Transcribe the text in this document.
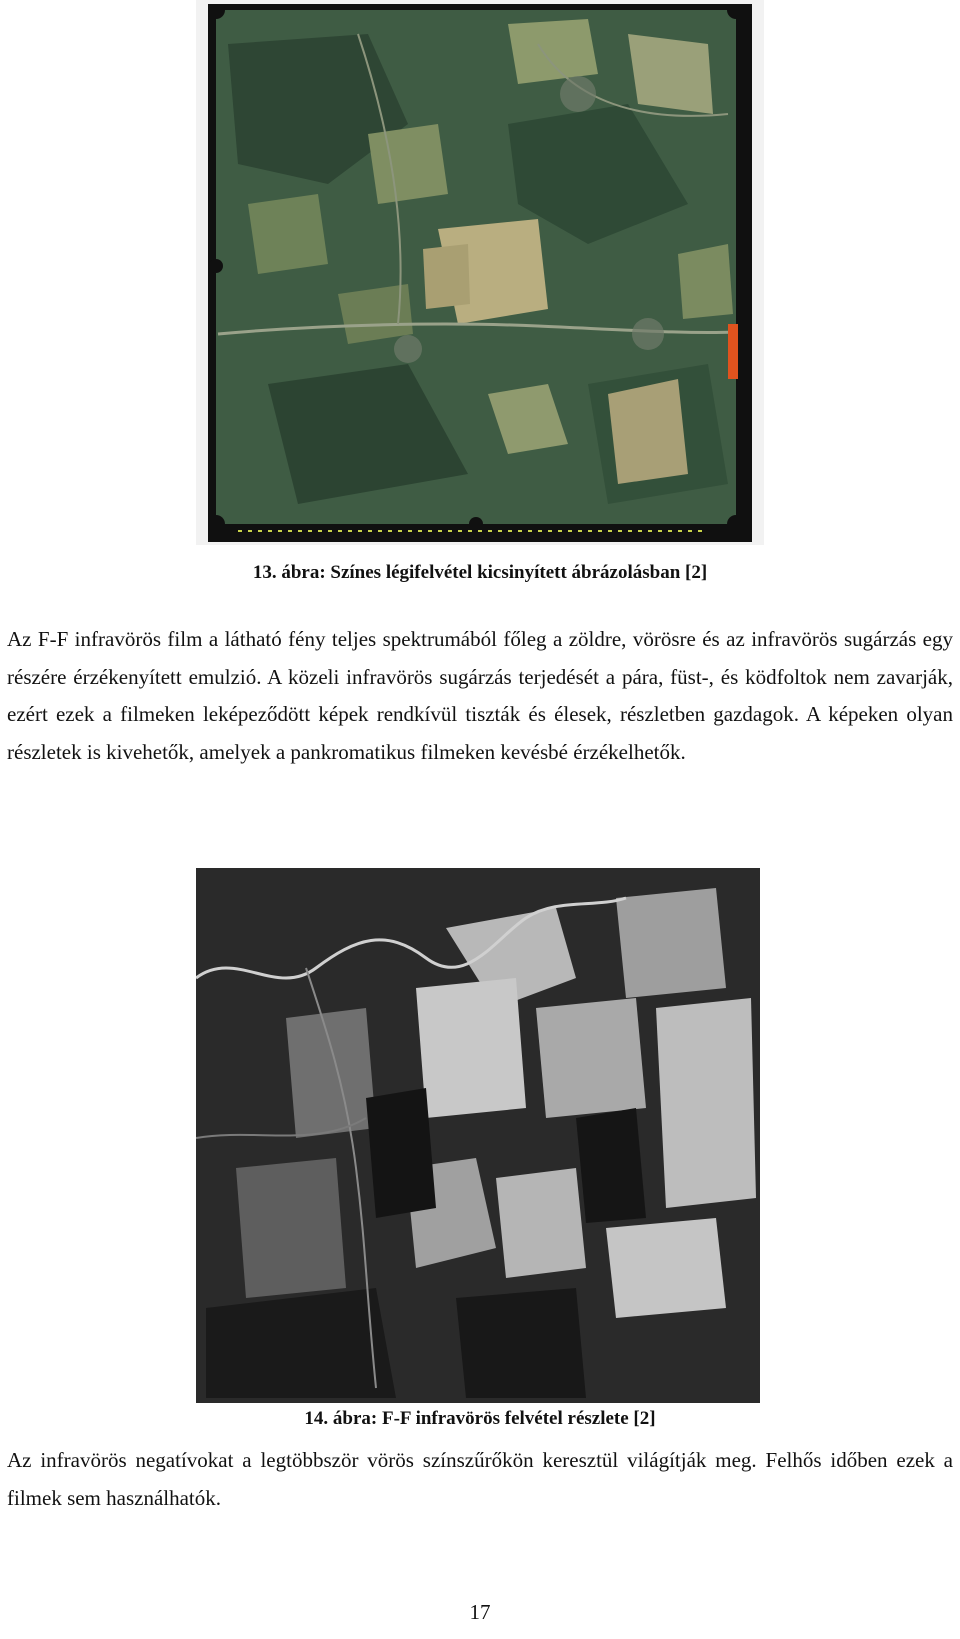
13. ábra: Színes légifelvétel kicsinyített ábrázolásban [2]
Az F-F infravörös film a látható fény teljes spektrumából főleg a zöldre, vörösre és az infravörös sugárzás egy részére érzékenyített emulzió. A közeli infravörös sugárzás terjedését a pára, füst-, és ködfoltok nem zavarják, ezért ezek a filmeken leképeződött képek rendkívül tiszták és élesek, részletben gazdagok. A képeken olyan részletek is kivehetők, amelyek a pankromatikus filmeken kevésbé érzékelhetők.
14. ábra: F-F infravörös felvétel részlete [2]
Az infravörös negatívokat a legtöbbször vörös színszűrőkön keresztül világítják meg. Felhős időben ezek a filmek sem használhatók.
17
